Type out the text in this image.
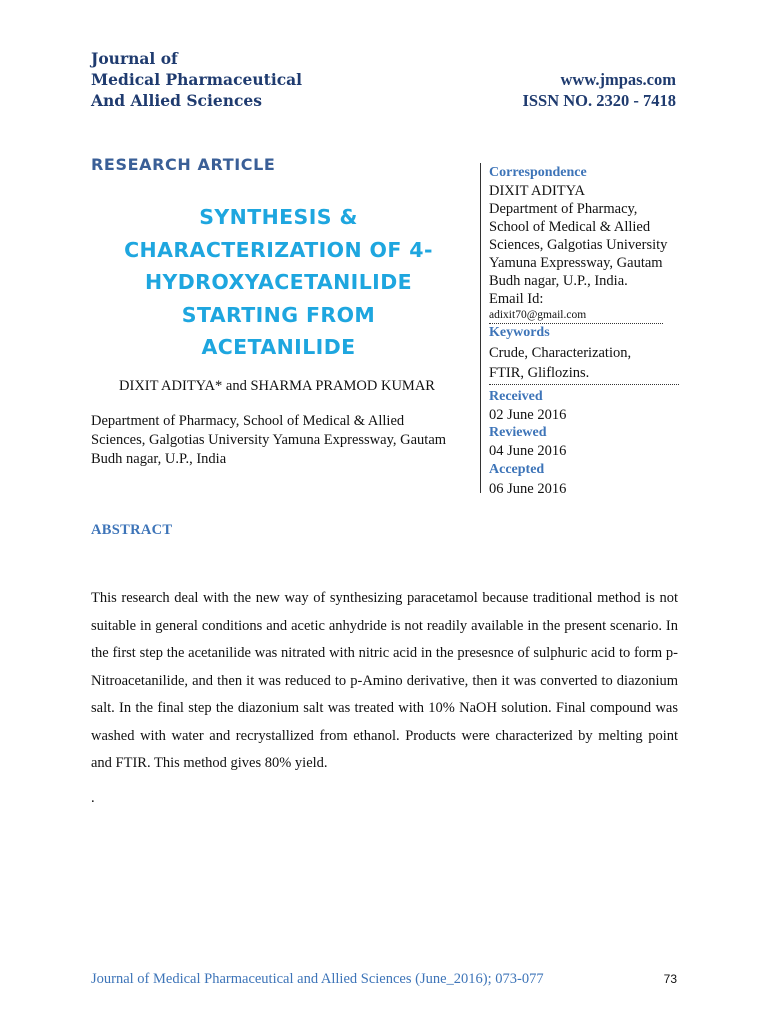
Journal of
Medical Pharmaceutical
And Allied Sciences
www.jmpas.com
ISSN NO. 2320 - 7418
RESEARCH ARTICLE
SYNTHESIS &
CHARACTERIZATION OF 4-
HYDROXYACETANILIDE
STARTING FROM
ACETANILIDE
DIXIT ADITYA* and SHARMA PRAMOD KUMAR
Department of Pharmacy, School of Medical & Allied
Sciences, Galgotias University Yamuna Expressway, Gautam
Budh nagar, U.P., India
Correspondence
DIXIT ADITYA
Department of Pharmacy,
School of Medical & Allied
Sciences, Galgotias University
Yamuna Expressway, Gautam
Budh nagar, U.P., India.
Email Id:
adixit70@gmail.com
Keywords
Crude, Characterization,
FTIR, Gliflozins.
Received
02 June 2016
Reviewed
04 June 2016
Accepted
06 June 2016
ABSTRACT

This research deal with the new way of synthesizing paracetamol because traditional method is not suitable in general conditions and acetic anhydride is not readily available in the present scenario. In the first step the acetanilide was nitrated with nitric acid in the presesnce of sulphuric acid to form p-Nitroacetanilide, and then it was reduced to p-Amino derivative, then it was converted to diazonium salt. In the final step the diazonium salt was treated with 10% NaOH solution. Final compound was washed with water and recrystallized from ethanol. Products were characterized by melting point and FTIR. This method gives 80% yield.

.
Journal of Medical Pharmaceutical and Allied Sciences (June_2016); 073-077	73
